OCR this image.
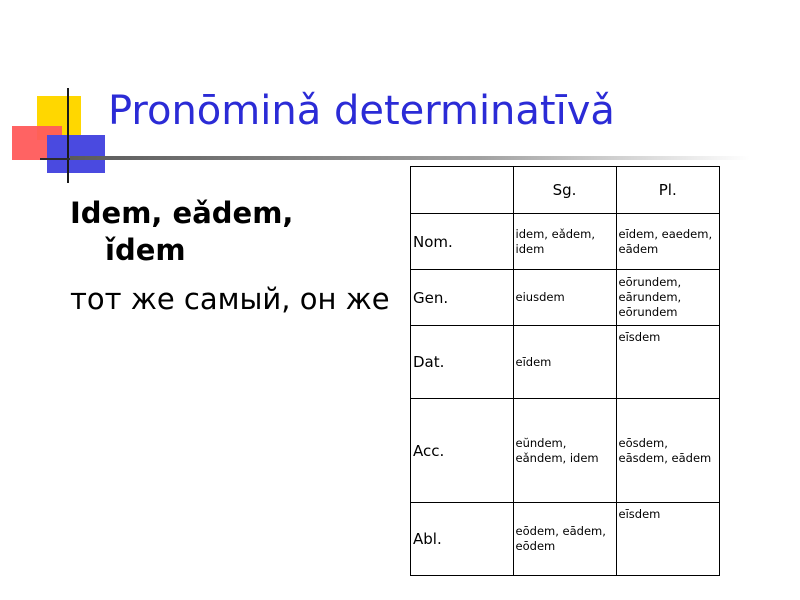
Pronōminǎ determinatīvǎ

Idem, eǎdem, ǐdem

тот же самый, он же

	Sg.	Pl.
Nom.	idem, eǎdem, idem	eīdem, eaedem, eādem
Gen.	eiusdem	eōrundem, eārundem, eōrundem
Dat.	eīdem	eīsdem
Acc.	eŭndem, eǎndem, idem	eōsdem, eāsdem, eādem
Abl.	eōdem, eādem, eōdem	eīsdem
